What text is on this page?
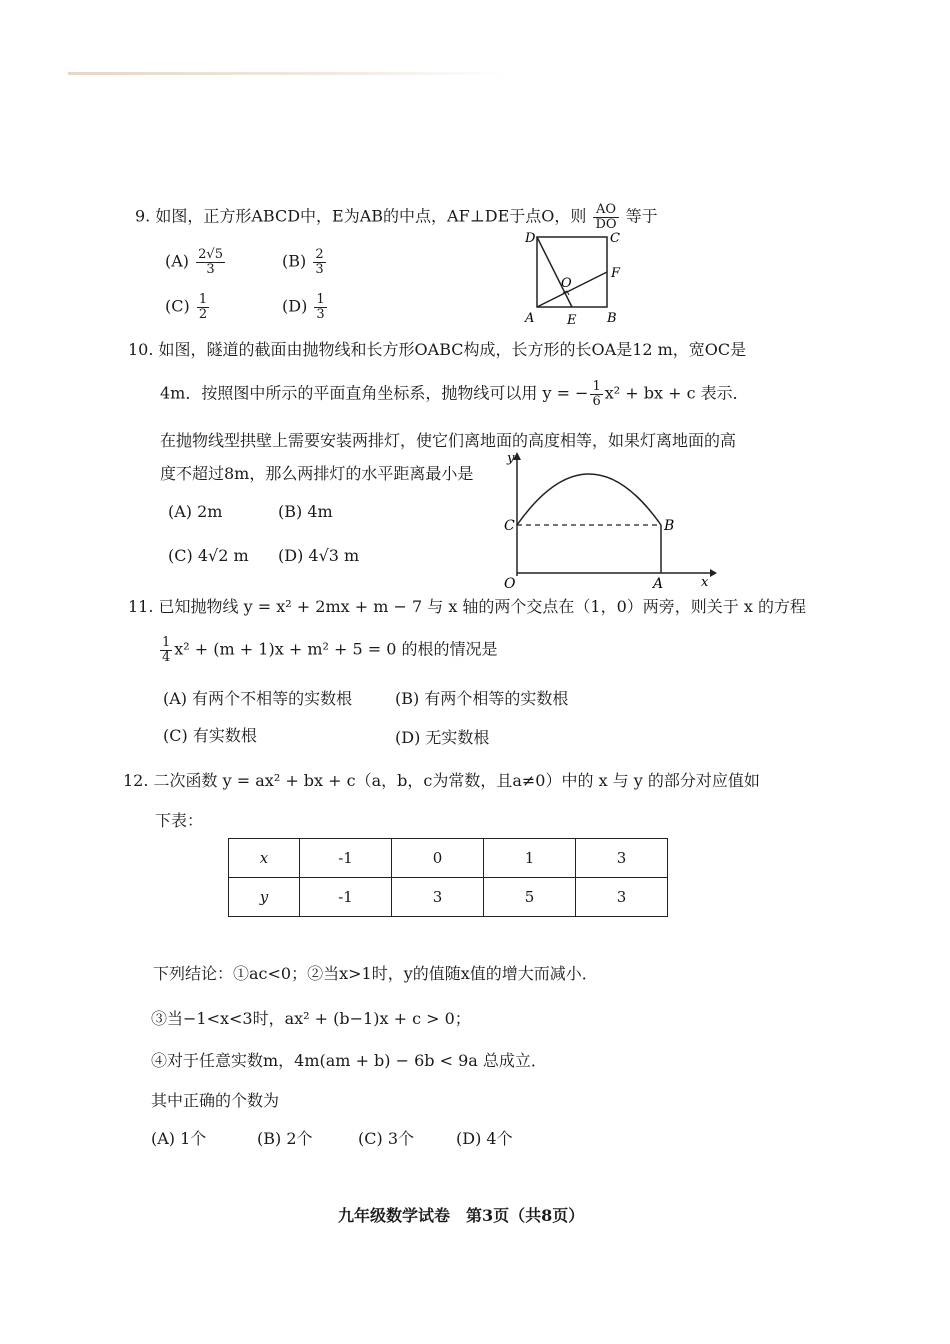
9. 如图，正方形ABCD中，E为AB的中点，AF⊥DE于点O，则 $\frac{AO}{DO}$ 等于
$(A) \frac{2√5}{3}$	$(B) \frac{2}{3}$
$(C) \frac{1}{2}$	$(D) \frac{1}{3}$
D	C
F
O
A	E B
10. 如图，隧道的截面由抛物线和长方形OABC构成，长方形的长OA是12 m，宽OC是
4m．按照图中所示的平面直角坐标系，抛物线可以用 y = − $\frac{1}{6} x^2$ + bx + c 表示．
在抛物线型拱壁上需要安装两排灯，使它们离地面的高度相等，如果灯离地面的高
度不超过8m，那么两排灯的水平距离最小是
(A) 2m	(B) 4m
(C) 4√2 m (D) 4√3 m
y
x
O	A
B
C
11. 已知抛物线 y = x² + 2mx + m − 7 与 x 轴的两个交点在（1，0）两旁，则关于 x 的方程
$\frac{1}{4} x^2 + (m + 1)x + m^2 + 5 = 0$ 的根的情况是
(A) 有两个不相等的实数根	(B) 有两个相等的实数根
(C) 有实数根	(D) 无实数根
12. 二次函数 y = ax² + bx + c（a，b，c为常数，且a≠0）中的 x 与 y 的部分对应值如
下表：
x	-1	0	1	3
y	-1	3	5	3
下列结论：①ac<0；②当x>1时，y的值随x值的增大而减小．
③当−1<x<3时，ax² + (b−1)x + c > 0；
④对于任意实数m，4m(am + b) − 6b < 9a 总成立．
其中正确的个数为
(A) 1个	(B) 2个	(C) 3个	(D) 4个
九年级数学试卷　第3页（共8页）
